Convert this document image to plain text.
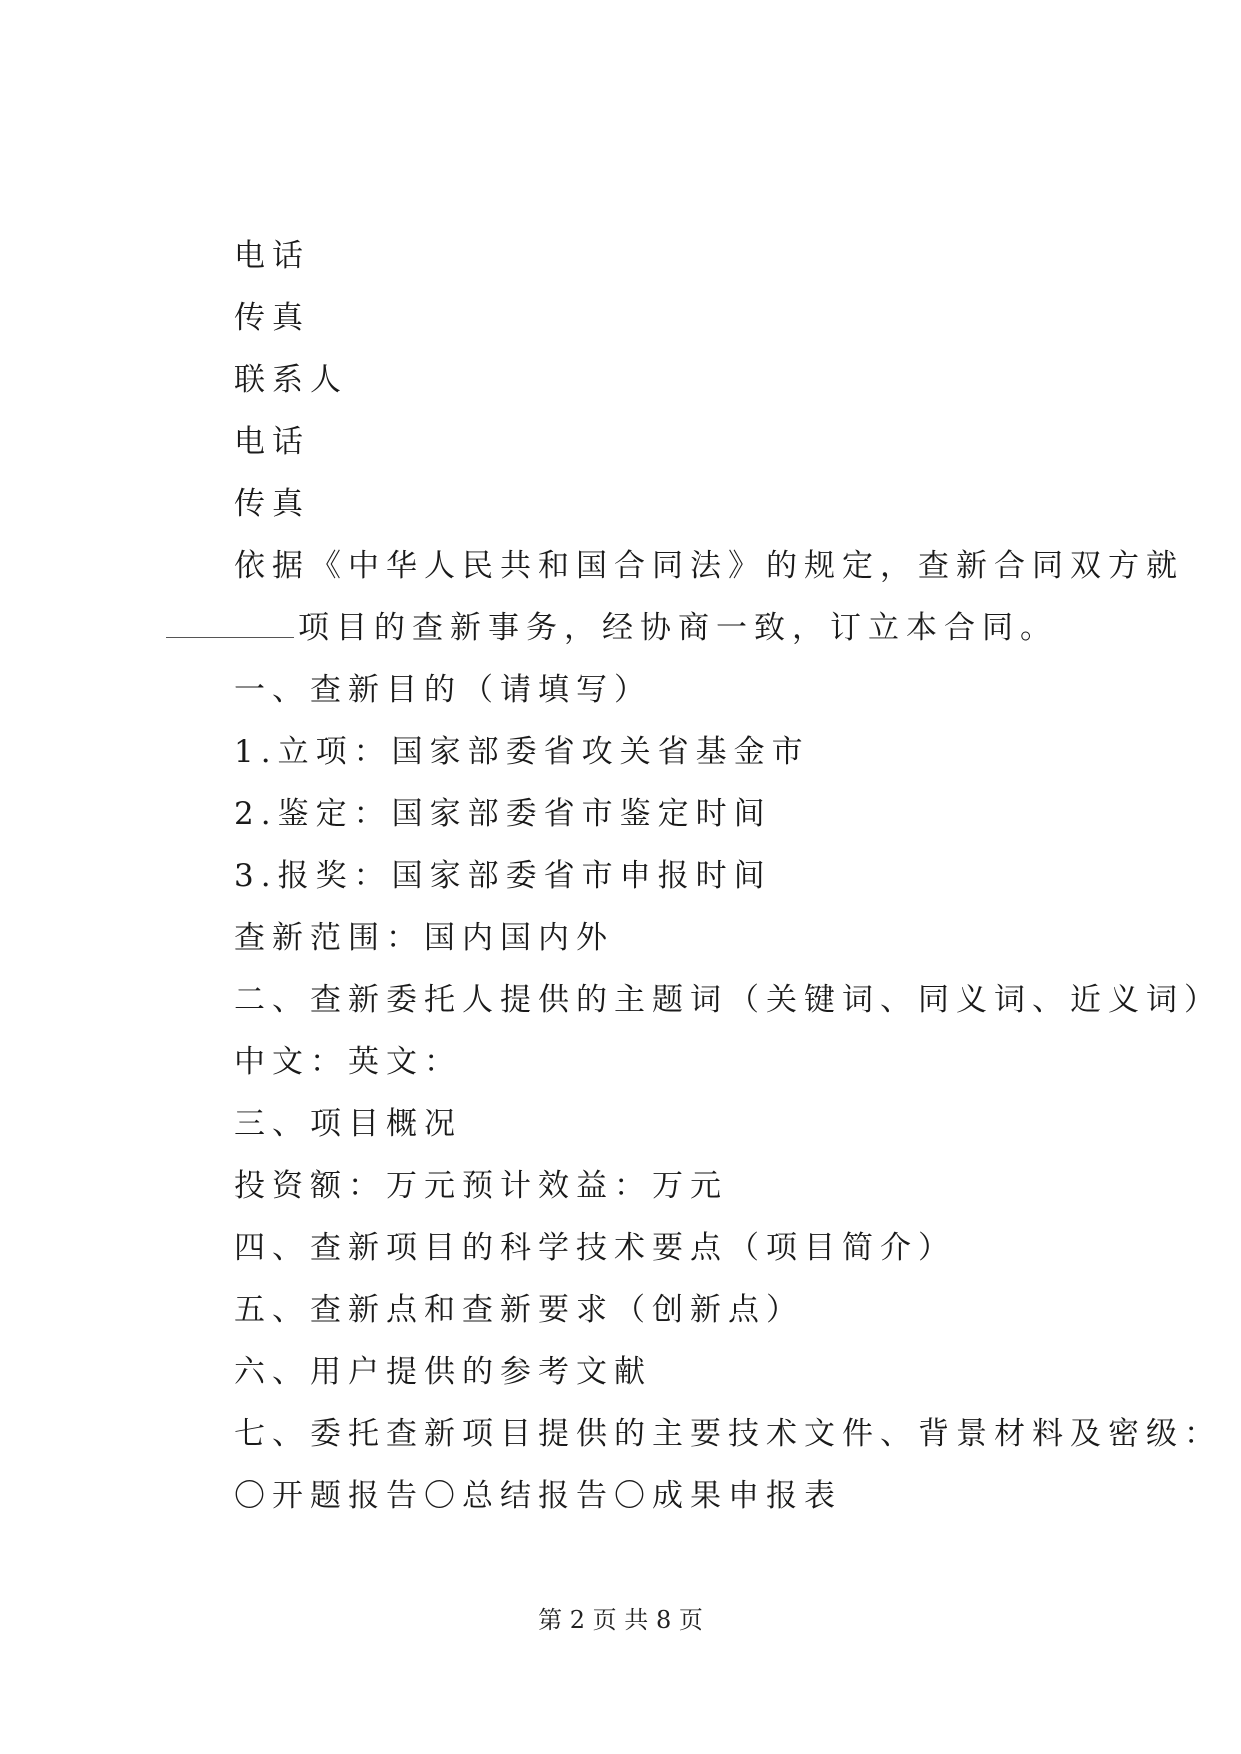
电话
传真
联系人
电话
传真
依据《中华人民共和国合同法》的规定，查新合同双方就
项目的查新事务，经协商一致，订立本合同。
一、查新目的（请填写）
1.立项：国家部委省攻关省基金市
2.鉴定：国家部委省市鉴定时间
3.报奖：国家部委省市申报时间
查新范围：国内国内外
二、查新委托人提供的主题词（关键词、同义词、近义词）
中文：英文：
三、项目概况
投资额：万元预计效益：万元
四、查新项目的科学技术要点（项目简介）
五、查新点和查新要求（创新点）
六、用户提供的参考文献
七、委托查新项目提供的主要技术文件、背景材料及密级：
〇开题报告〇总结报告〇成果申报表
第 2 页 共 8 页
